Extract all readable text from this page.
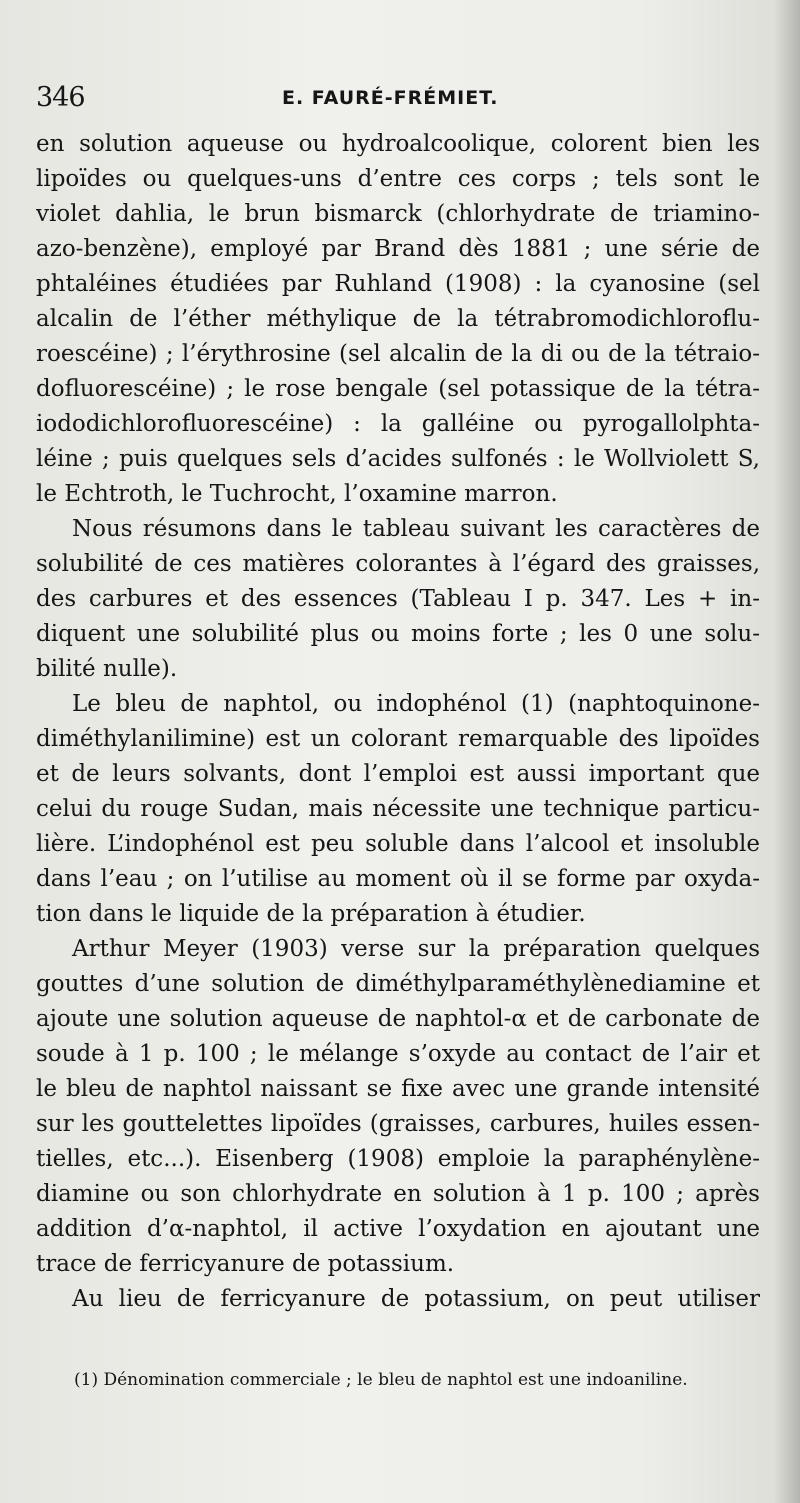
346	E. FAURÉ-FRÉMIET.
en solution aqueuse ou hydroalcoolique, colorent bien les
lipoïdes ou quelques-uns d’entre ces corps ; tels sont le
violet dahlia, le brun bismarck (chlorhydrate de triamino-
azo-benzène), employé par Brand dès 1881 ; une série de
phtaléines étudiées par Ruhland (1908) : la cyanosine (sel
alcalin de l’éther méthylique de la tétrabromodichloroflu-
roescéine) ; l’érythrosine (sel alcalin de la di ou de la tétraio-
dofluorescéine) ; le rose bengale (sel potassique de la tétra-
iododichlorofluorescéine) : la galléine ou pyrogallolphta-
léine ; puis quelques sels d’acides sulfonés : le Wollviolett S,
le Echtroth, le Tuchrocht, l’oxamine marron.
Nous résumons dans le tableau suivant les caractères de
solubilité de ces matières colorantes à l’égard des graisses,
des carbures et des essences (Tableau I p. 347. Les + in-
diquent une solubilité plus ou moins forte ; les 0 une solu-
bilité nulle).
Le bleu de naphtol, ou indophénol (1) (naphtoquinone-
diméthylanilimine) est un colorant remarquable des lipoïdes
et de leurs solvants, dont l’emploi est aussi important que
celui du rouge Sudan, mais nécessite une technique particu-
lière. L’indophénol est peu soluble dans l’alcool et insoluble
dans l’eau ; on l’utilise au moment où il se forme par oxyda-
tion dans le liquide de la préparation à étudier.
Arthur Meyer (1903) verse sur la préparation quelques
gouttes d’une solution de diméthylparaméthylènediamine et
ajoute une solution aqueuse de naphtol-α et de carbonate de
soude à 1 p. 100 ; le mélange s’oxyde au contact de l’air et
le bleu de naphtol naissant se fixe avec une grande intensité
sur les gouttelettes lipoïdes (graisses, carbures, huiles essen-
tielles, etc...). Eisenberg (1908) emploie la paraphénylène-
diamine ou son chlorhydrate en solution à 1 p. 100 ; après
addition d’α-naphtol, il active l’oxydation en ajoutant une
trace de ferricyanure de potassium.
Au lieu de ferricyanure de potassium, on peut utiliser
(1) Dénomination commerciale ; le bleu de naphtol est une indoaniline.
